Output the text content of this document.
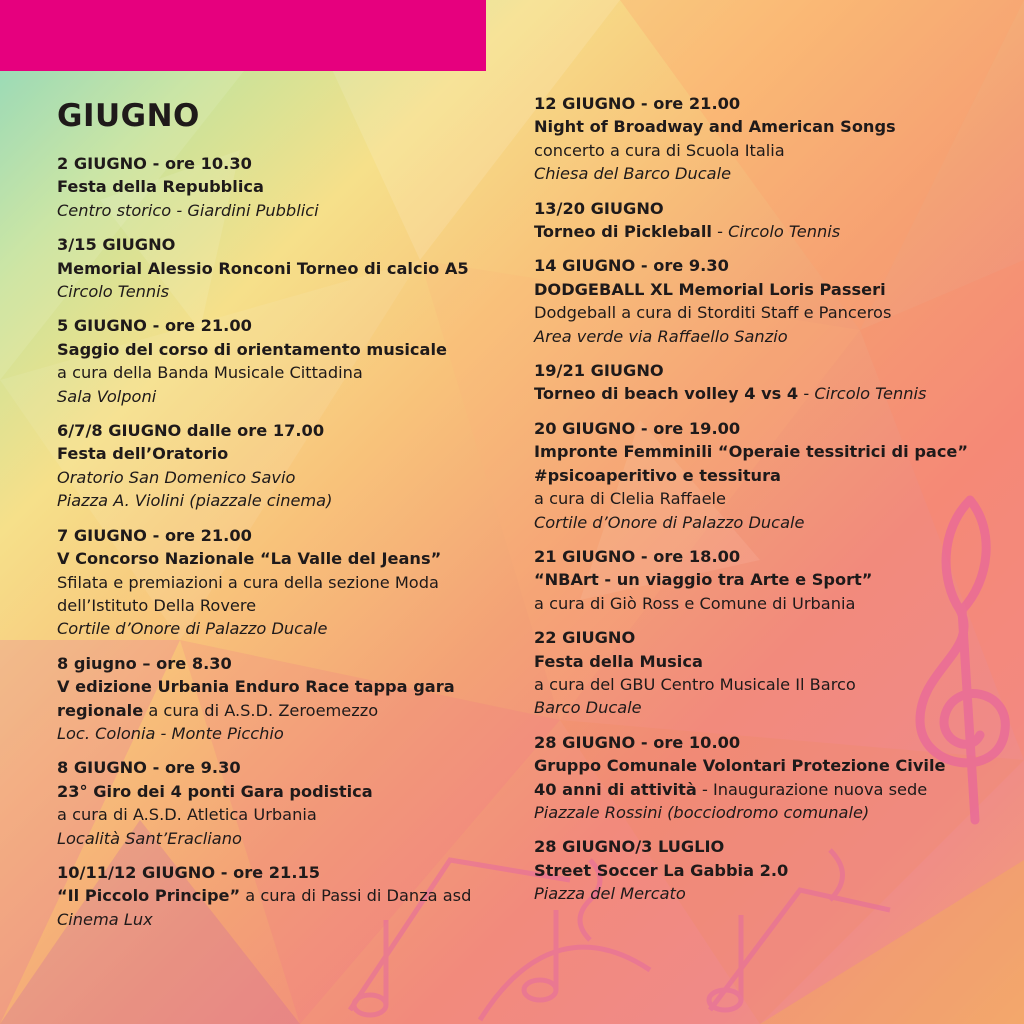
GIUGNO
2 GIUGNO - ore 10.30
Festa della Repubblica
Centro storico - Giardini Pubblici
3/15 GIUGNO
Memorial Alessio Ronconi Torneo di calcio A5
Circolo Tennis
5 GIUGNO - ore 21.00
Saggio del corso di orientamento musicale
a cura della Banda Musicale Cittadina
Sala Volponi
6/7/8 GIUGNO dalle ore 17.00
Festa dell’Oratorio
Oratorio San Domenico Savio
Piazza A. Violini (piazzale cinema)
7 GIUGNO - ore 21.00
V Concorso Nazionale “La Valle del Jeans”
Sfilata e premiazioni a cura della sezione Moda
dell’Istituto Della Rovere
Cortile d’Onore di Palazzo Ducale
8 giugno – ore 8.30
V edizione Urbania Enduro Race tappa gara
regionale a cura di A.S.D. Zeroemezzo
Loc. Colonia - Monte Picchio
8 GIUGNO - ore 9.30
23° Giro dei 4 ponti Gara podistica
a cura di A.S.D. Atletica Urbania
Località Sant’Eracliano
10/11/12 GIUGNO - ore 21.15
“Il Piccolo Principe” a cura di Passi di Danza asd
Cinema Lux
12 GIUGNO - ore 21.00
Night of Broadway and American Songs
concerto a cura di Scuola Italia
Chiesa del Barco Ducale
13/20 GIUGNO
Torneo di Pickleball - Circolo Tennis
14 GIUGNO - ore 9.30
DODGEBALL XL Memorial Loris Passeri
Dodgeball a cura di Storditi Staff e Panceros
Area verde via Raffaello Sanzio
19/21 GIUGNO
Torneo di beach volley 4 vs 4 - Circolo Tennis
20 GIUGNO - ore 19.00
Impronte Femminili “Operaie tessitrici di pace”
#psicoaperitivo e tessitura
a cura di Clelia Raffaele
Cortile d’Onore di Palazzo Ducale
21 GIUGNO - ore 18.00
“NBArt - un viaggio tra Arte e Sport”
a cura di Giò Ross e Comune di Urbania
22 GIUGNO
Festa della Musica
a cura del GBU Centro Musicale Il Barco
Barco Ducale
28 GIUGNO - ore 10.00
Gruppo Comunale Volontari Protezione Civile
40 anni di attività - Inaugurazione nuova sede
Piazzale Rossini (bocciodromo comunale)
28 GIUGNO/3 LUGLIO
Street Soccer La Gabbia 2.0
Piazza del Mercato
